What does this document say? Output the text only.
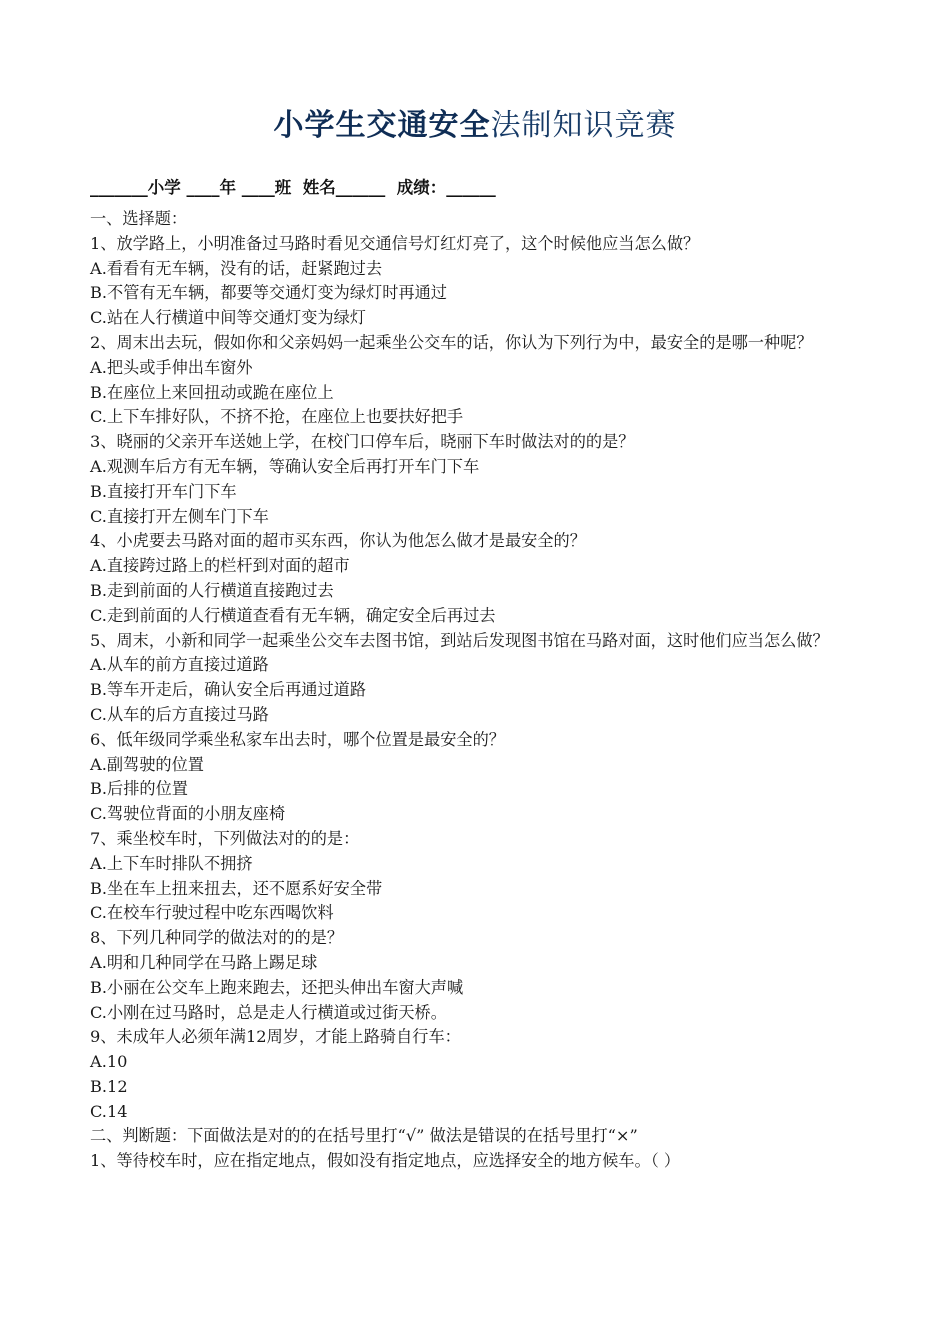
小学生交通安全法制知识竞赛
_______小学 ____年 ____班  姓名______  成绩：______
一、选择题：
1、放学路上，小明准备过马路时看见交通信号灯红灯亮了，这个时候他应当怎么做？
A.看看有无车辆，没有的话，赶紧跑过去
B.不管有无车辆，都要等交通灯变为绿灯时再通过
C.站在人行横道中间等交通灯变为绿灯
2、周末出去玩，假如你和父亲妈妈一起乘坐公交车的话，你认为下列行为中，最安全的是哪一种呢？
A.把头或手伸出车窗外
B.在座位上来回扭动或跪在座位上
C.上下车排好队，不挤不抢，在座位上也要扶好把手
3、晓丽的父亲开车送她上学，在校门口停车后，晓丽下车时做法对的的是？
A.观测车后方有无车辆，等确认安全后再打开车门下车
B.直接打开车门下车
C.直接打开左侧车门下车
4、小虎要去马路对面的超市买东西，你认为他怎么做才是最安全的？
A.直接跨过路上的栏杆到对面的超市
B.走到前面的人行横道直接跑过去
C.走到前面的人行横道查看有无车辆，确定安全后再过去
5、周末，小新和同学一起乘坐公交车去图书馆，到站后发现图书馆在马路对面，这时他们应当怎么做？
A.从车的前方直接过道路
B.等车开走后，确认安全后再通过道路
C.从车的后方直接过马路
6、低年级同学乘坐私家车出去时，哪个位置是最安全的？
A.副驾驶的位置
B.后排的位置
C.驾驶位背面的小朋友座椅
7、乘坐校车时，下列做法对的的是：
A.上下车时排队不拥挤
B.坐在车上扭来扭去，还不愿系好安全带
C.在校车行驶过程中吃东西喝饮料
8、下列几种同学的做法对的的是？
A.明和几种同学在马路上踢足球
B.小丽在公交车上跑来跑去，还把头伸出车窗大声喊
C.小刚在过马路时，总是走人行横道或过街天桥。
9、未成年人必须年满12周岁，才能上路骑自行车：
A.10
B.12
C.14
二、判断题：下面做法是对的的在括号里打“√” 做法是错误的在括号里打“×”
1、等待校车时，应在指定地点，假如没有指定地点，应选择安全的地方候车。（ ）
